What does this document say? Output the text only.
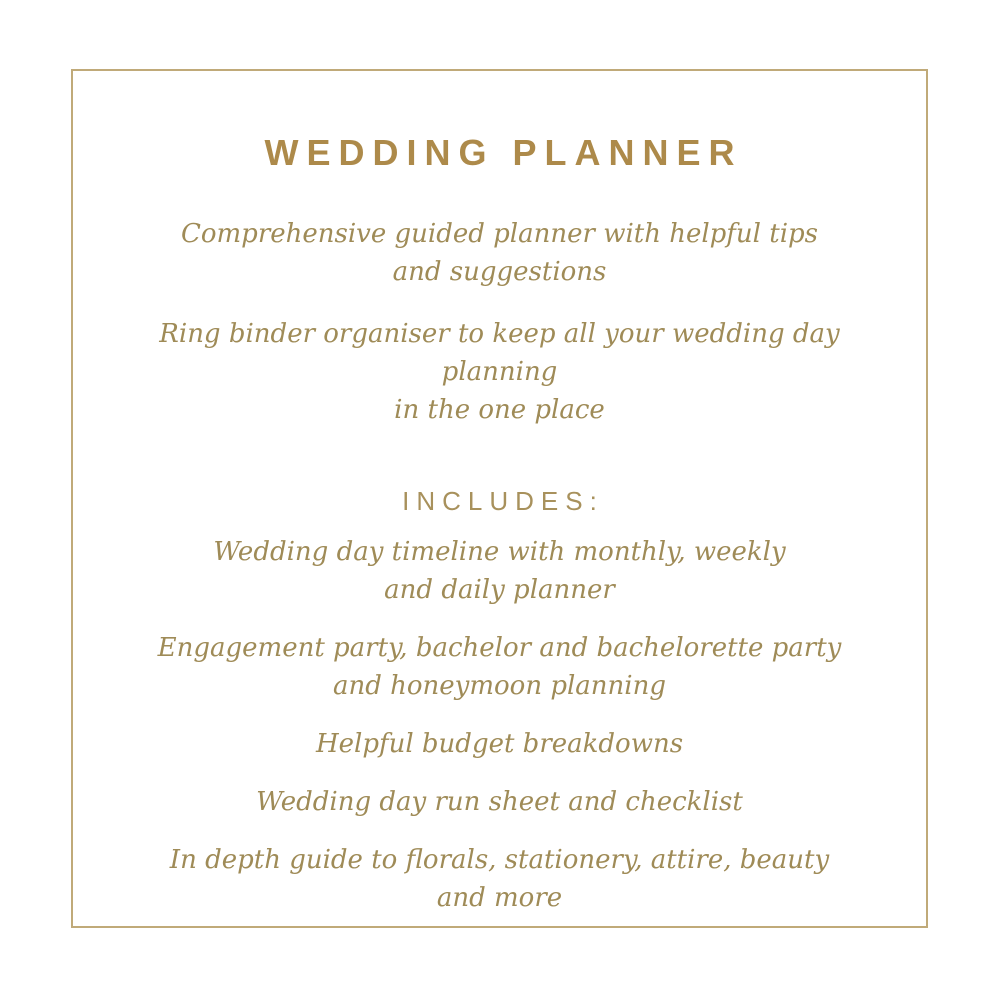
WEDDING PLANNER

Comprehensive guided planner with helpful tips
and suggestions

Ring binder organiser to keep all your wedding day planning
in the one place

INCLUDES:
Wedding day timeline with monthly, weekly
and daily planner
Engagement party, bachelor and bachelorette party
and honeymoon planning
Helpful budget breakdowns
Wedding day run sheet and checklist
In depth guide to florals, stationery, attire, beauty
and more
